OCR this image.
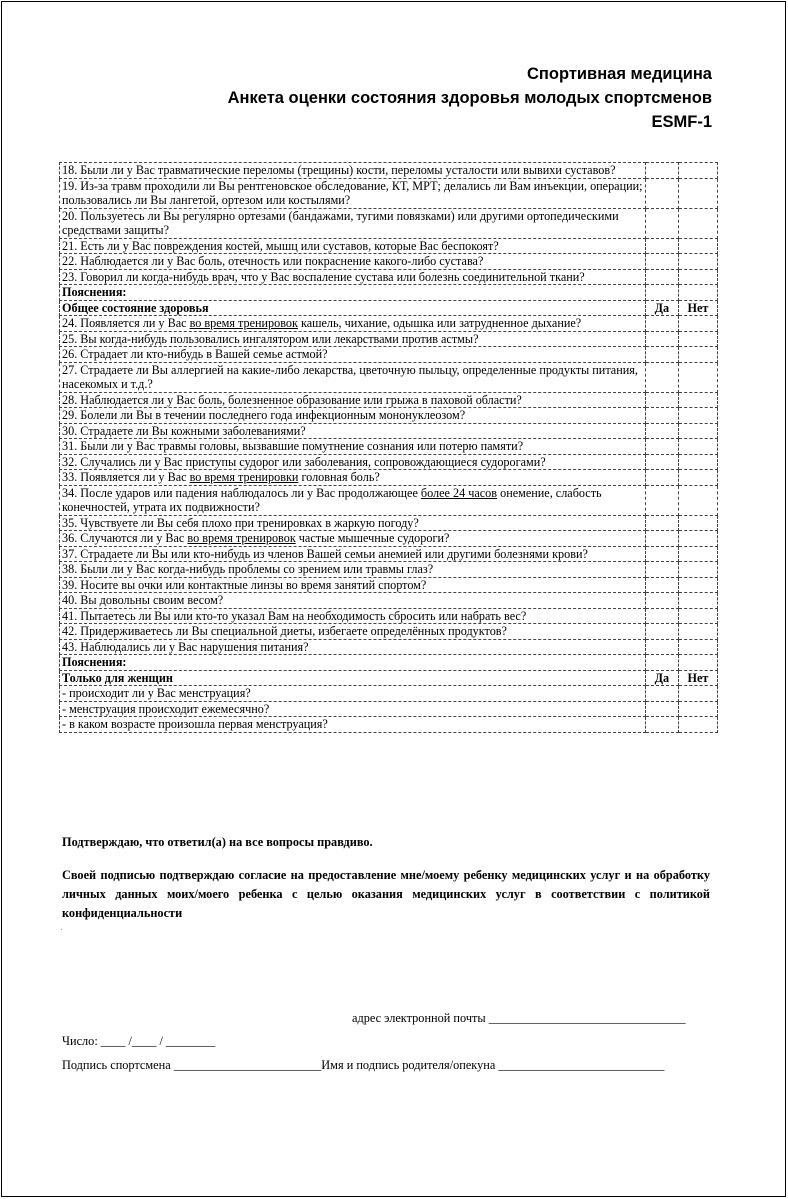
Спортивная медицина
Анкета оценки состояния здоровья молодых спортсменов
ESMF-1
18. Были ли у Вас травматические переломы (трещины) кости, переломы усталости или вывихи суставов?		
19. Из-за травм проходили ли Вы рентгеновское обследование, КТ, МРТ; делались ли Вам инъекции, операции; пользовались ли Вы лангетой, ортезом или костылями?		
20. Пользуетесь ли Вы регулярно ортезами (бандажами, тугими повязками) или другими ортопедическими средствами защиты?		
21. Есть ли у Вас повреждения костей, мышц или суставов, которые Вас беспокоят?		
22. Наблюдается ли у Вас боль, отечность или покраснение какого-либо сустава?		
23. Говорил ли когда-нибудь врач, что у Вас воспаление сустава или болезнь соединительной ткани?		
Пояснения:		
Общее состояние здоровья	Да	Нет
24. Появляется ли у Вас во время тренировок кашель, чихание, одышка или затрудненное дыхание?		
25. Вы когда-нибудь пользовались ингалятором или лекарствами против астмы?		
26. Страдает ли кто-нибудь в Вашей семье астмой?		
27. Страдаете ли Вы аллергией на какие-либо лекарства, цветочную пыльцу, определенные продукты питания, насекомых и т.д.?		
28. Наблюдается ли у Вас боль, болезненное образование или грыжа в паховой области?		
29. Болели ли Вы в течении последнего года инфекционным мононуклеозом?		
30. Страдаете ли Вы кожными заболеваниями?		
31. Были ли у Вас травмы головы, вызвавшие помутнение сознания или потерю памяти?		
32. Случались ли у Вас приступы судорог или заболевания, сопровождающиеся судорогами?		
33. Появляется ли у Вас во время тренировки головная боль?		
34. После ударов или падения наблюдалось ли у Вас продолжающее более 24 часов онемение, слабость конечностей, утрата их подвижности?		
35. Чувствуете ли Вы себя плохо при тренировках в жаркую погоду?		
36. Случаются ли у Вас во время тренировок частые мышечные судороги?		
37. Страдаете ли Вы или кто-нибудь из членов Вашей семьи анемией или другими болезнями крови?		
38. Были ли у Вас когда-нибудь проблемы со зрением или травмы глаз?		
39. Носите вы очки или контактные линзы во время занятий спортом?		
40. Вы довольны своим весом?		
41. Пытаетесь ли Вы или кто-то указал Вам на необходимость сбросить или набрать вес?		
42. Придерживаетесь ли Вы специальной диеты, избегаете определённых продуктов?		
43. Наблюдались ли у Вас нарушения питания?		
Пояснения:		
Только для женщин	Да	Нет
- происходит ли у Вас менструация?		
- менструация происходит ежемесячно?		
- в каком возрасте произошла первая менструация?		
Подтверждаю, что ответил(а) на все вопросы правдиво.
Своей подписью подтверждаю согласие на предоставление мне/моему ребенку медицинских услуг и на обработку личных данных моих/моего ребенка с целью оказания медицинских услуг в соответствии с политикой конфиденциальности
.
адрес электронной почты ________________________________
Число: ____ /____ / ________
Подпись спортсмена ________________________Имя и подпись родителя/опекуна ___________________________
